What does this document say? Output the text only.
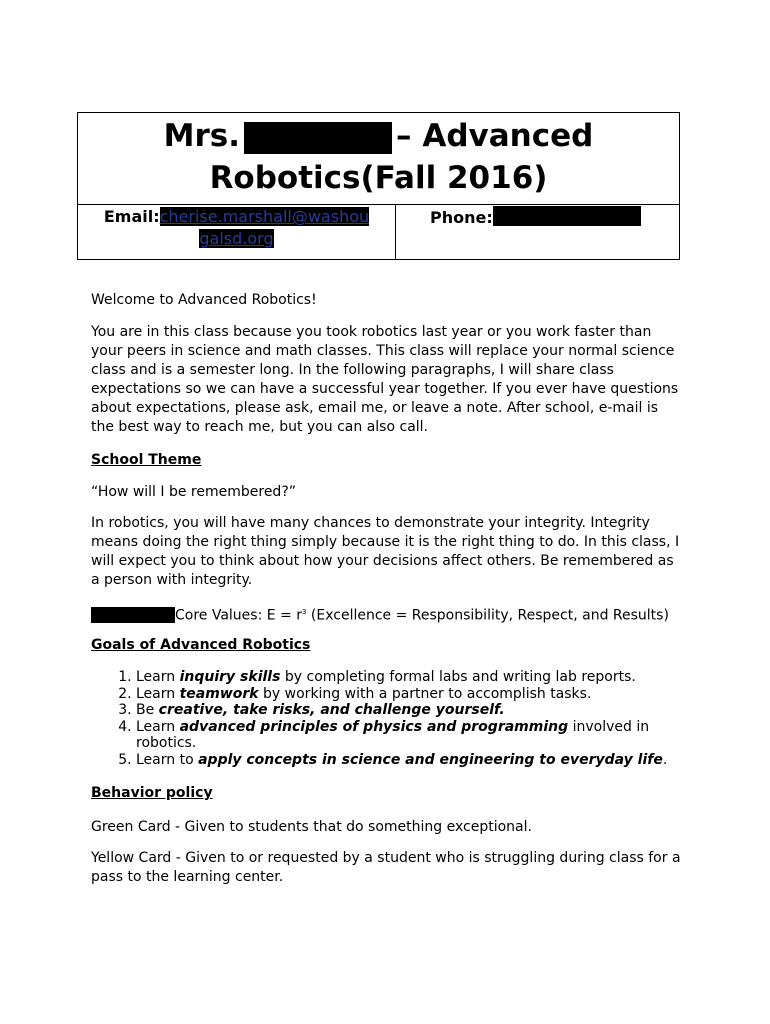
Mrs.	– Advanced
Robotics(Fall 2016)
Email:cherise.marshall@washou galsd.org
Phone:
Welcome to Advanced Robotics!
You are in this class because you took robotics last year or you work faster than your peers in science and math classes. This class will replace your normal science class and is a semester long. In the following paragraphs, I will share class expectations so we can have a successful year together. If you ever have questions about expectations, please ask, email me, or leave a note. After school, e-mail is the best way to reach me, but you can also call.
School Theme
“How will I be remembered?”
In robotics, you will have many chances to demonstrate your integrity. Integrity means doing the right thing simply because it is the right thing to do. In this class, I will expect you to think about how your decisions affect others. Be remembered as a person with integrity.
Core Values: $E = r^3$ (Excellence = Responsibility, Respect, and Results)
Goals of Advanced Robotics
1. Learn inquiry skills by completing formal labs and writing lab reports.
2. Learn teamwork by working with a partner to accomplish tasks.
3. Be creative, take risks, and challenge yourself.
4. Learn advanced principles of physics and programming involved in robotics.
5. Learn to apply concepts in science and engineering to everyday life.
Behavior policy
Green Card - Given to students that do something exceptional.
Yellow Card - Given to or requested by a student who is struggling during class for a pass to the learning center.
